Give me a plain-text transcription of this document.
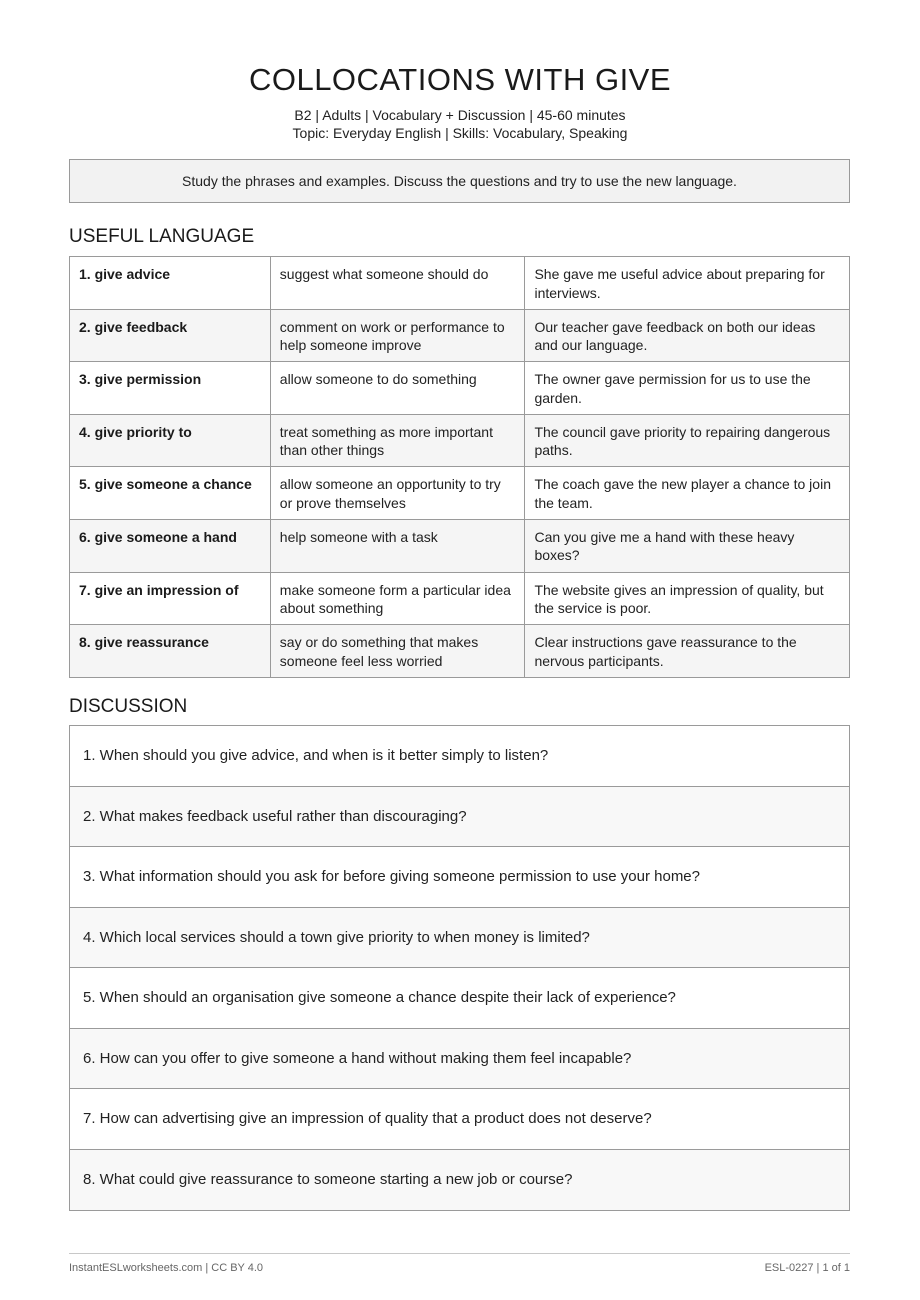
COLLOCATIONS WITH GIVE
B2 | Adults | Vocabulary + Discussion | 45-60 minutes
Topic: Everyday English | Skills: Vocabulary, Speaking
Study the phrases and examples. Discuss the questions and try to use the new language.
USEFUL LANGUAGE
1. give advice	suggest what someone should do	She gave me useful advice about preparing for interviews.
2. give feedback	comment on work or performance to help someone improve	Our teacher gave feedback on both our ideas and our language.
3. give permission	allow someone to do something	The owner gave permission for us to use the garden.
4. give priority to	treat something as more important than other things	The council gave priority to repairing dangerous paths.
5. give someone a chance	allow someone an opportunity to try or prove themselves	The coach gave the new player a chance to join the team.
6. give someone a hand	help someone with a task	Can you give me a hand with these heavy boxes?
7. give an impression of	make someone form a particular idea about something	The website gives an impression of quality, but the service is poor.
8. give reassurance	say or do something that makes someone feel less worried	Clear instructions gave reassurance to the nervous participants.
DISCUSSION
1. When should you give advice, and when is it better simply to listen?
2. What makes feedback useful rather than discouraging?
3. What information should you ask for before giving someone permission to use your home?
4. Which local services should a town give priority to when money is limited?
5. When should an organisation give someone a chance despite their lack of experience?
6. How can you offer to give someone a hand without making them feel incapable?
7. How can advertising give an impression of quality that a product does not deserve?
8. What could give reassurance to someone starting a new job or course?
InstantESLworksheets.com | CC BY 4.0	ESL-0227 | 1 of 1
